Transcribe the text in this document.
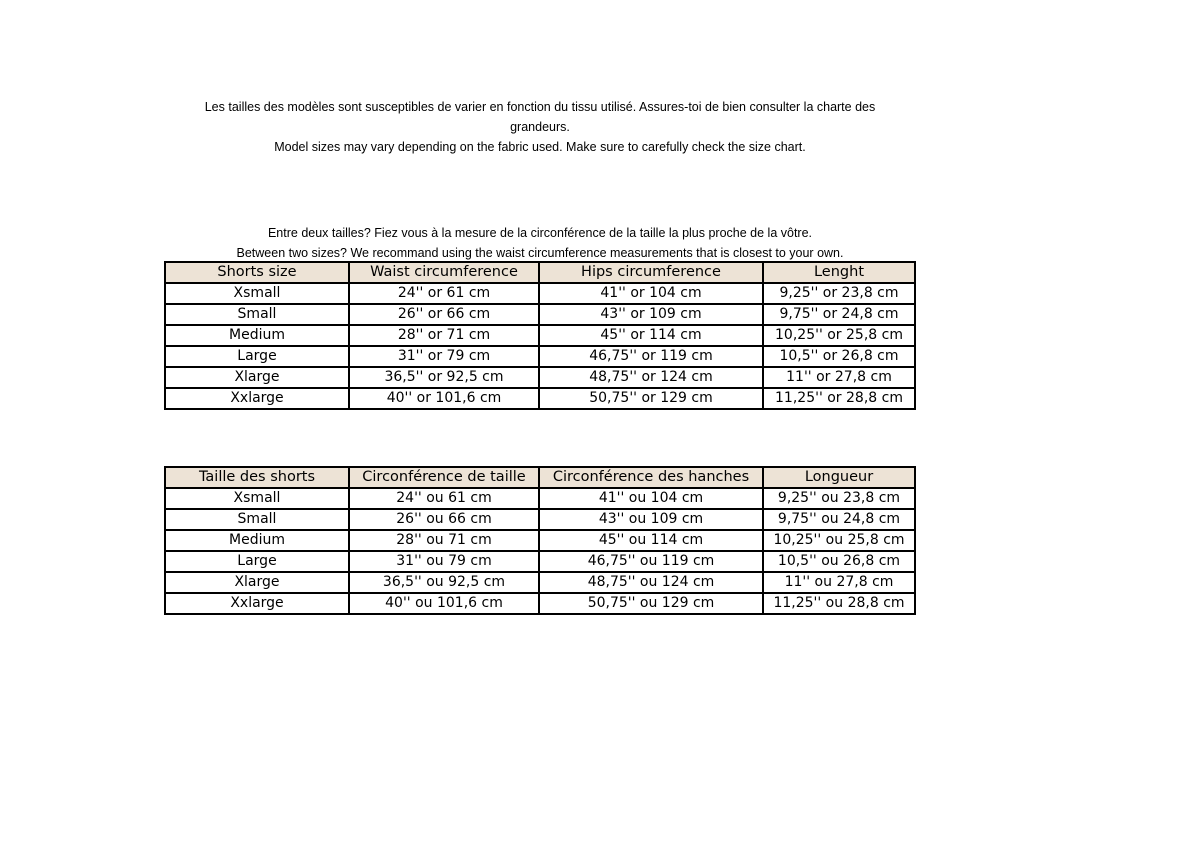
Les tailles des modèles sont susceptibles de varier en fonction du tissu utilisé. Assures-toi de bien consulter la charte des grandeurs.

Model sizes may vary depending on the fabric used. Make sure to carefully check the size chart.

Entre deux tailles? Fiez vous à la mesure de la circonférence de la taille la plus proche de la vôtre.

Between two sizes? We recommand using the waist circumference measurements that is closest to your own.

Shorts size	Waist circumference	Hips circumference	Lenght
Xsmall	24'' or 61 cm	41'' or 104 cm	9,25'' or 23,8 cm
Small	26'' or 66 cm	43'' or 109 cm	9,75'' or 24,8 cm
Medium	28'' or 71 cm	45'' or 114 cm	10,25'' or 25,8 cm
Large	31'' or 79 cm	46,75'' or 119 cm	10,5'' or 26,8 cm
Xlarge	36,5'' or 92,5 cm	48,75'' or 124 cm	11'' or 27,8 cm
Xxlarge	40'' or 101,6 cm	50,75'' or 129 cm	11,25'' or 28,8 cm
Taille des shorts	Circonférence de taille	Circonférence des hanches	Longueur
Xsmall	24'' ou 61 cm	41'' ou 104 cm	9,25'' ou 23,8 cm
Small	26'' ou 66 cm	43'' ou 109 cm	9,75'' ou 24,8 cm
Medium	28'' ou 71 cm	45'' ou 114 cm	10,25'' ou 25,8 cm
Large	31'' ou 79 cm	46,75'' ou 119 cm	10,5'' ou 26,8 cm
Xlarge	36,5'' ou 92,5 cm	48,75'' ou 124 cm	11'' ou 27,8 cm
Xxlarge	40'' ou 101,6 cm	50,75'' ou 129 cm	11,25'' ou 28,8 cm
